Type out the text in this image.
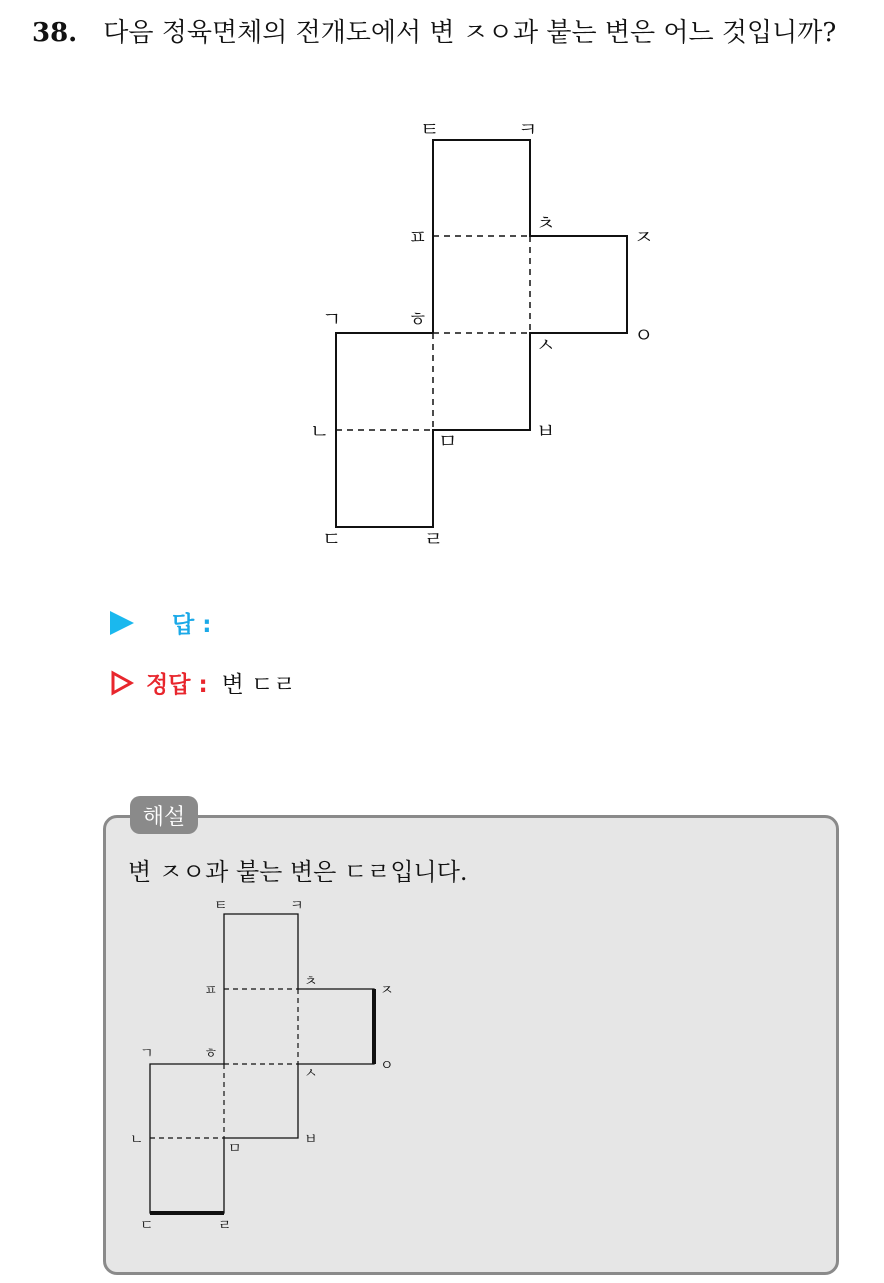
38. 다음 정육면체의 전개도에서 변 ㅈㅇ과 붙는 변은 어느 것입니까?
ㅌ	ㅋ
ㅍ
ㅊ
ㅈ
ㄱ	ㅎ
ㅇ
ㅅ
ㄴ	ㅁ	ㅂ
ㄷ	ㄹ
답 :
정답 : 변 ㄷㄹ
해설
변 ㅈㅇ과 붙는 변은 ㄷㄹ입니다.
ㅌ	ㅋ
ㅍ
ㅊ
ㅈ
ㄱ	ㅎ
ㅇ
ㅅ
ㄴ
ㅁ
ㅂ
ㄷ	ㄹ
